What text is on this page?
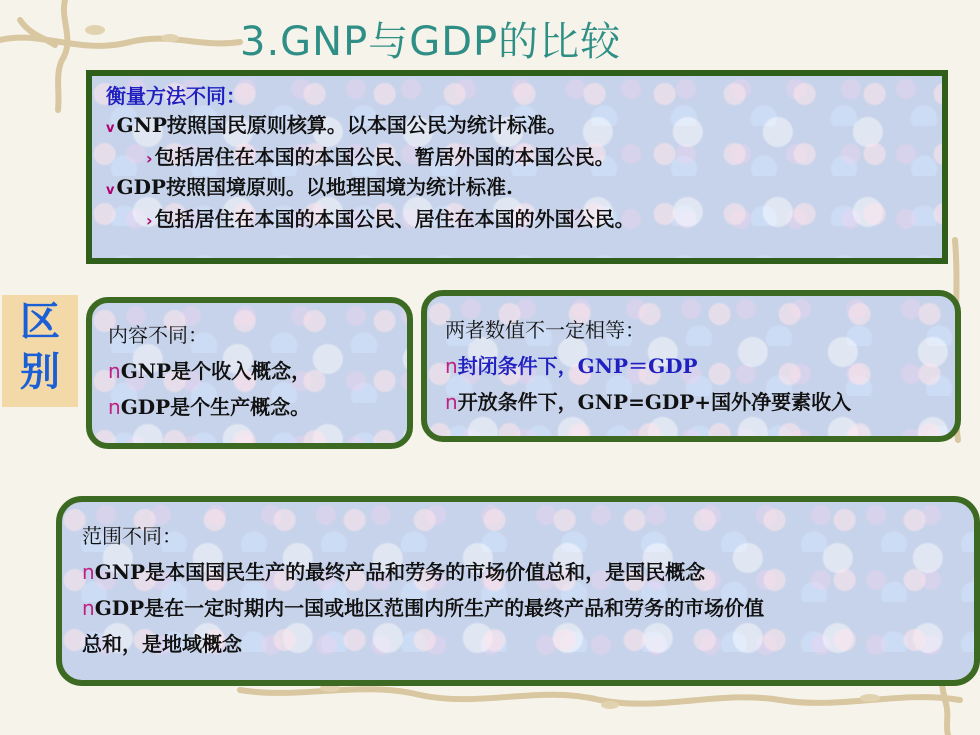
3.GNP与GDP的比较
区
别
衡量方法不同：
v GNP按照国民原则核算。以本国公民为统计标准。
› 包括居住在本国的本国公民、暂居外国的本国公民。
v GDP按照国境原则。以地理国境为统计标准.
› 包括居住在本国的本国公民、居住在本国的外国公民。
内容不同：
nGNP是个收入概念，
nGDP是个生产概念。
两者数值不一定相等：
n封闭条件下，GNP＝GDP
n开放条件下，GNP=GDP+国外净要素收入
范围不同：
nGNP是本国国民生产的最终产品和劳务的市场价值总和，是国民概念
nGDP是在一定时期内一国或地区范围内所生产的最终产品和劳务的市场价值
总和，是地域概念
